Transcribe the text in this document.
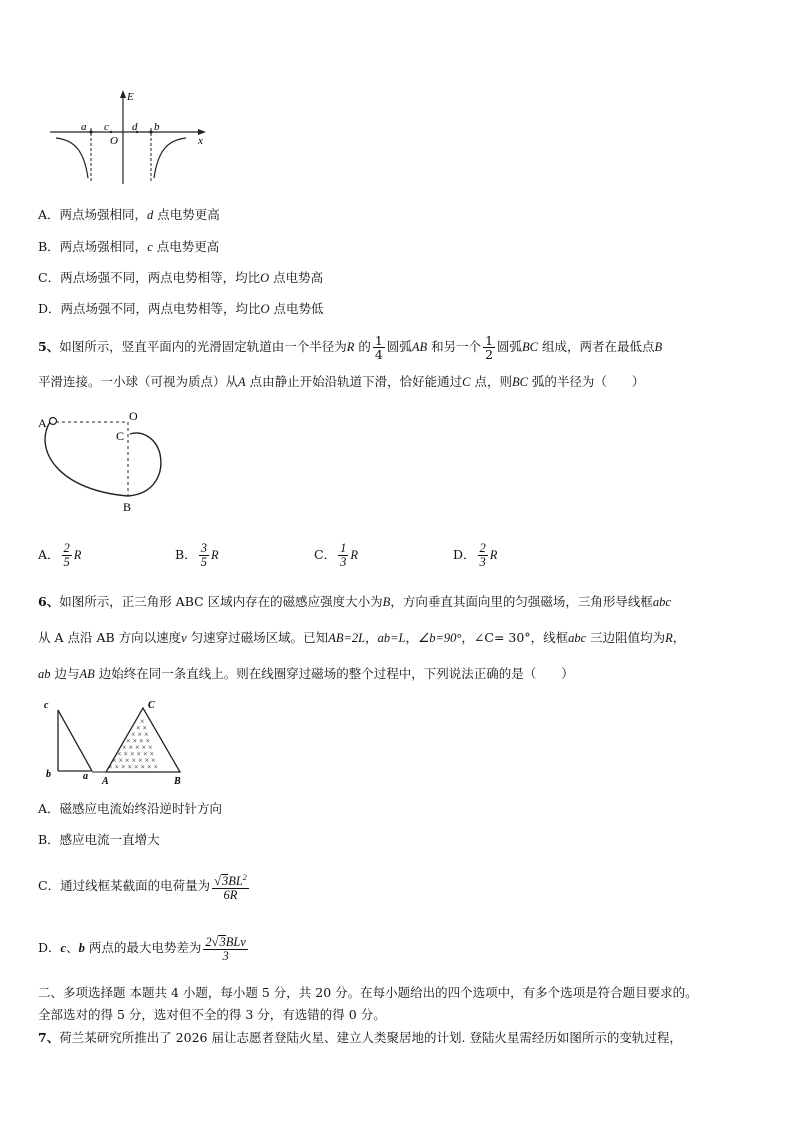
E
x
O
a c d b
A．两点场强相同，d 点电势更高
B．两点场强相同，c 点电势更高
C．两点场强不同，两点电势相等，均比O 点电势高
D．两点场强不同，两点电势相等，均比O 点电势低
5、如图所示，竖直平面内的光滑固定轨道由一个半径为R 的 $\frac{1}{4}$ 圆弧AB 和另一个 $\frac{1}{2}$ 圆弧BC 组成，两者在最低点B
平滑连接。一小球（可视为质点）从A 点由静止开始沿轨道下滑，恰好能通过C 点，则BC 弧的半径为（　　）
A	O
C
B
A． $\frac{2}{5}$ R	B． $\frac{3}{5}$ R	C． $\frac{1}{3}$ R	D． $\frac{2}{3}$ R
6、如图所示，正三角形 ABC 区域内存在的磁感应强度大小为B，方向垂直其面向里的匀强磁场，三角形导线框abc
从 A 点沿 AB 方向以速度v 匀速穿过磁场区域。已知AB=2L，ab=L，∠b=90°，∠C= 30°，线框abc 三边阻值均为R，
ab 边与AB 边始终在同一条直线上。则在线圈穿过磁场的整个过程中，下列说法正确的是（　　）
×
× ×
× × ×
× × × ×
× × × × ×
× × × × × ×
× × × × × × ×
× × × × × × × ×
c
b	a A	B
C
A．磁感应电流始终沿逆时针方向
B．感应电流一直增大
C．通过线框某截面的电荷量为 $\frac{√3BL^2}{6R}$
D．c、b 两点的最大电势差为 $\frac{\text{2√3BLv}}{3}$
二、多项选择题 本题共 4 小题，每小题 5 分，共 20 分。在每小题给出的四个选项中，有多个选项是符合题目要求的。
全部选对的得 5 分，选对但不全的得 3 分，有选错的得 0 分。
7、荷兰某研究所推出了 2026 届让志愿者登陆火星、建立人类聚居地的计划. 登陆火星需经历如图所示的变轨过程，
